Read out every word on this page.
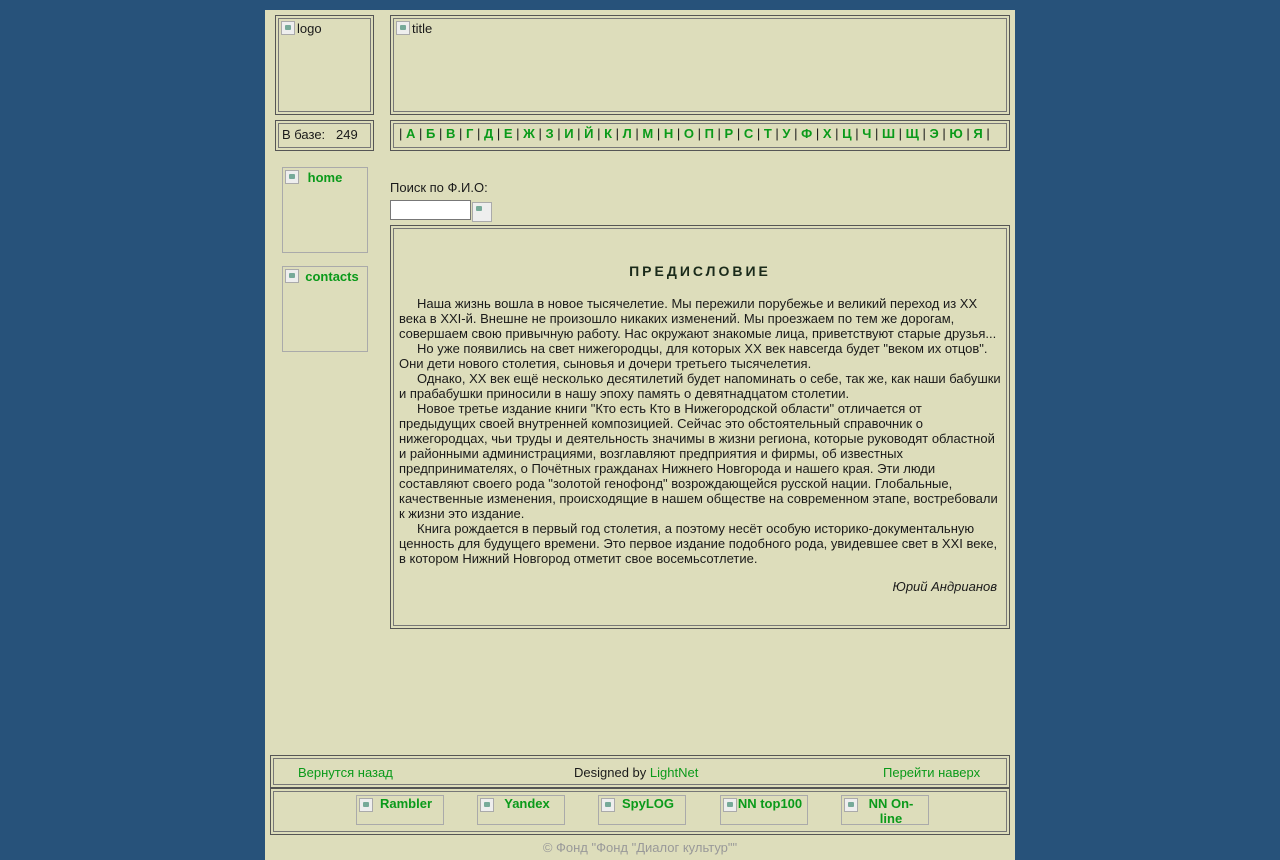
logo	title
В базе: 249	| А | Б | В | Г | Д | Е | Ж | З | И | Й | К | Л | М | Н | О | П | Р | С | Т | У | Ф | Х | Ц | Ч | Ш | Щ | Э | Ю | Я |
home
contacts
Поиск по Ф.И.О:
ПРЕДИСЛОВИЕ

Наша жизнь вошла в новое тысячелетие. Мы пережили порубежье и великий переход из XX века в XXI-й. Внешне не произошло никаких изменений. Мы проезжаем по тем же дорогам, совершаем свою привычную работу. Нас окружают знакомые лица, приветствуют старые друзья...

Но уже появились на свет нижегородцы, для которых XX век навсегда будет "веком их отцов". Они дети нового столетия, сыновья и дочери третьего тысячелетия.

Однако, XX век ещё несколько десятилетий будет напоминать о себе, так же, как наши бабушки и прабабушки приносили в нашу эпоху память о девятнадцатом столетии.

Новое третье издание книги "Кто есть Кто в Нижегородской области" отличается от предыдущих своей внутренней композицией. Сейчас это обстоятельный справочник о нижегородцах, чьи труды и деятельность значимы в жизни региона, которые руководят областной и районными администрациями, возглавляют предприятия и фирмы, об известных предпринимателях, о Почётных гражданах Нижнего Новгорода и нашего края. Эти люди составляют своего рода "золотой генофонд" возрождающейся русской нации. Глобальные, качественные изменения, происходящие в нашем обществе на современном этапе, востребовали к жизни это издание.

Книга рождается в первый год столетия, а поэтому несёт особую историко-документальную ценность для будущего времени. Это первое издание подобного рода, увидевшее свет в XXI веке, в котором Нижний Новгород отметит свое восемьсотлетие.

Юрий Андрианов
Вернутся назад	Designed by LightNet	Перейти наверх
Rambler	Yandex	SpyLOG	NN top100	NN On-line
© Фонд "Фонд "Диалог культур""
